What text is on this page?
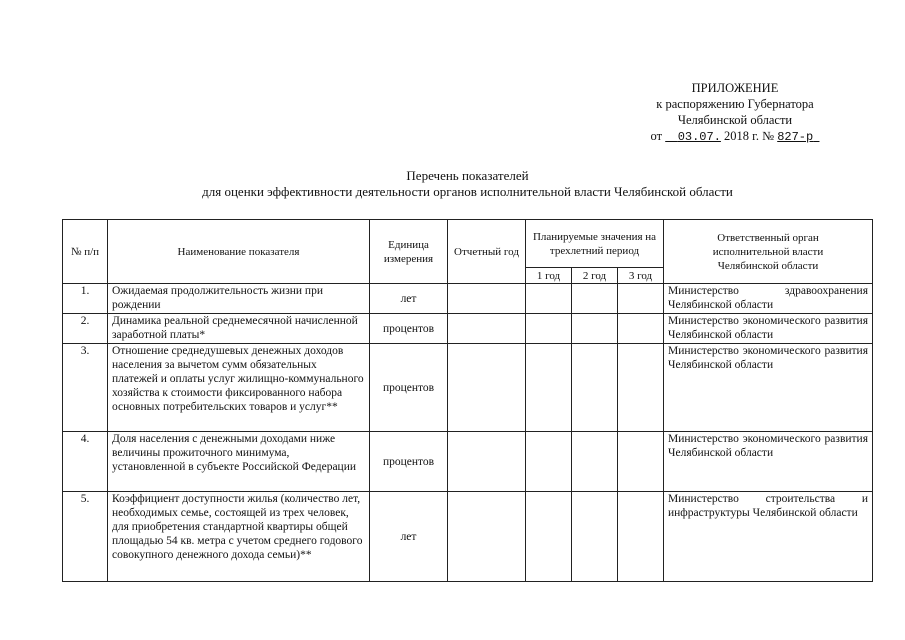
ПРИЛОЖЕНИЕ
к распоряжению Губернатора
Челябинской области
от 03.07. 2018 г. № 827-р
Перечень показателей
для оценки эффективности деятельности органов исполнительной власти Челябинской области
№ п/п	Наименование показателя	Единица измерения	Отчетный год	Планируемые значения на трехлетний период			Ответственный орган исполнительной власти Челябинской области
				1 год	2 год	3 год	
1.	Ожидаемая продолжительность жизни при рождении	лет					Министерство здравоохранения Челябинской области
2.	Динамика реальной среднемесячной начисленной заработной платы*	процентов					Министерство экономического развития Челябинской области
3.	Отношение среднедушевых денежных доходов населения за вычетом сумм обязательных платежей и оплаты услуг жилищно-коммунального хозяйства к стоимости фиксированного набора основных потребительских товаров и услуг**	процентов					Министерство экономического развития Челябинской области
4.	Доля населения с денежными доходами ниже величины прожиточного минимума, установленной в субъекте Российской Федерации	процентов					Министерство экономического развития Челябинской области
5.	Коэффициент доступности жилья (количество лет, необходимых семье, состоящей из трех человек, для приобретения стандартной квартиры общей площадью 54 кв. метра с учетом среднего годового совокупного денежного дохода семьи)**	лет					Министерство строительства и инфраструктуры Челябинской области
